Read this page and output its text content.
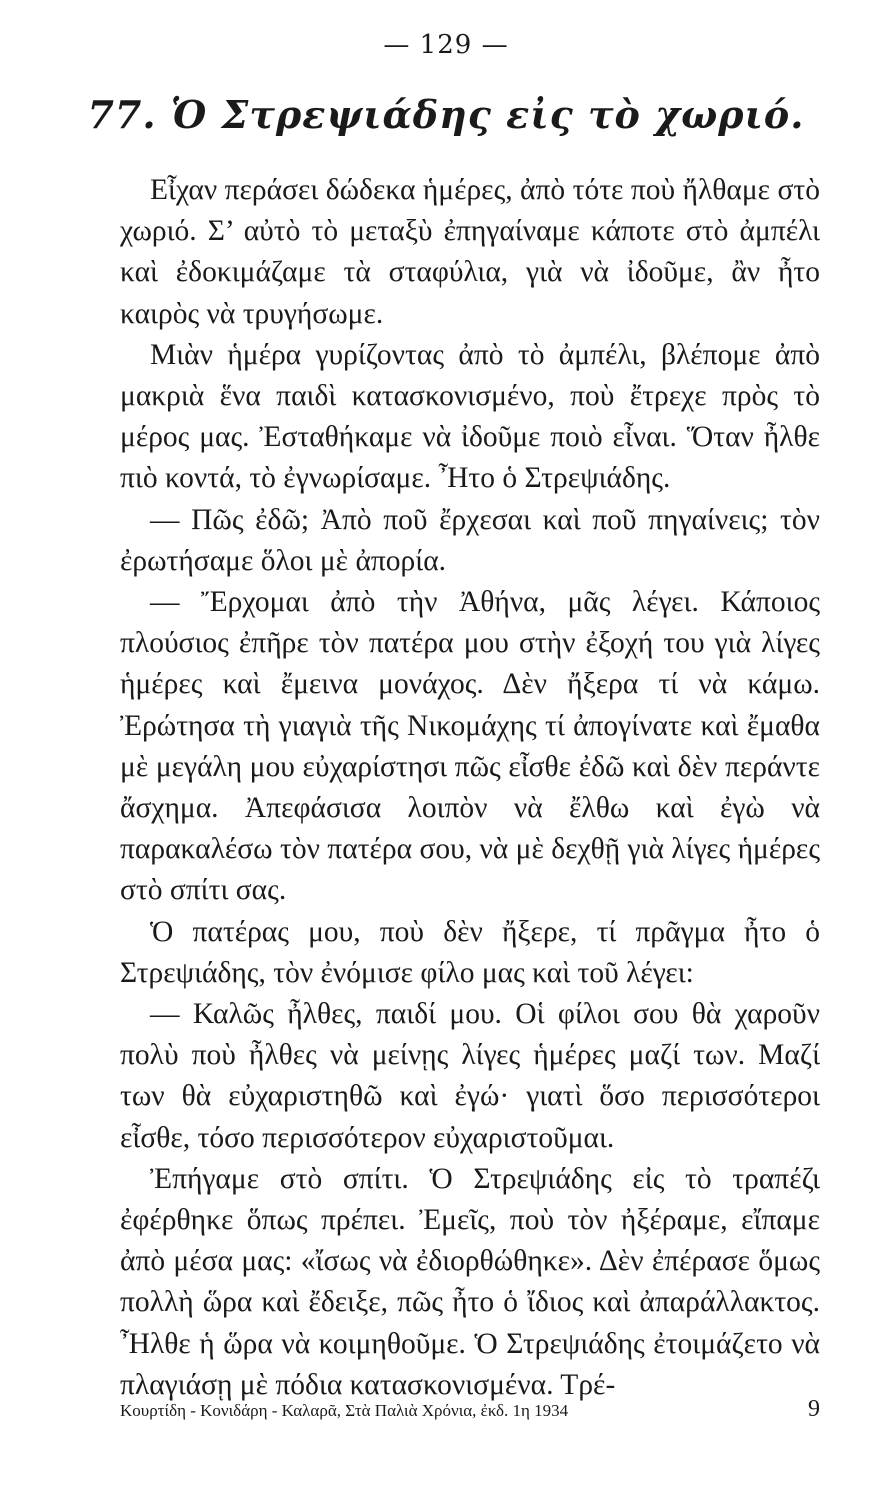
— 129 —
77. Ὁ Στρεψιάδης εἰς τὸ χωριό.

Εἶχαν περάσει δώδεκα ἡμέρες, ἀπὸ τότε ποὺ ἤλθαμε στὸ χωριό. Σ’ αὐτὸ τὸ μεταξὺ ἐπηγαίναμε κάποτε στὸ ἀμπέλι καὶ ἐδοκιμάζαμε τὰ σταφύλια, γιὰ νὰ ἰδοῦμε, ἂν ἦτο καιρὸς νὰ τρυγήσωμε.

Μιὰν ἡμέρα γυρίζοντας ἀπὸ τὸ ἀμπέλι, βλέπομε ἀπὸ μακριὰ ἕνα παιδὶ κατασκονισμένο, ποὺ ἔτρεχε πρὸς τὸ μέρος μας. Ἐσταθήκαμε νὰ ἰδοῦμε ποιὸ εἶναι. Ὅταν ἦλθε πιὸ κοντά, τὸ ἐγνωρίσαμε. Ἦτο ὁ Στρεψιάδης.

— Πῶς ἐδῶ; Ἀπὸ ποῦ ἔρχεσαι καὶ ποῦ πηγαίνεις; τὸν ἐρωτήσαμε ὅλοι μὲ ἀπορία.

— Ἔρχομαι ἀπὸ τὴν Ἀθήνα, μᾶς λέγει. Κάποιος πλούσιος ἐπῆρε τὸν πατέρα μου στὴν ἐξοχή του γιὰ λίγες ἡμέρες καὶ ἔμεινα μονάχος. Δὲν ἤξερα τί νὰ κάμω. Ἐρώτησα τὴ γιαγιὰ τῆς Νικομάχης τί ἀπογίνατε καὶ ἔμαθα μὲ μεγάλη μου εὐχαρίστησι πῶς εἶσθε ἐδῶ καὶ δὲν περάντε ἄσχημα. Ἀπεφάσισα λοιπὸν νὰ ἔλθω καὶ ἐγὼ νὰ παρακαλέσω τὸν πατέρα σου, νὰ μὲ δεχθῇ γιὰ λίγες ἡμέρες στὸ σπίτι σας.

Ὁ πατέρας μου, ποὺ δὲν ἤξερε, τί πρᾶγμα ἦτο ὁ Στρεψιάδης, τὸν ἐνόμισε φίλο μας καὶ τοῦ λέγει:

— Καλῶς ἦλθες, παιδί μου. Οἱ φίλοι σου θὰ χαροῦν πολὺ ποὺ ἦλθες νὰ μείνῃς λίγες ἡμέρες μαζί των. Μαζί των θὰ εὐχαριστηθῶ καὶ ἐγώ· γιατὶ ὅσο περισσότεροι εἶσθε, τόσο περισσότερον εὐχαριστοῦμαι.

Ἐπήγαμε στὸ σπίτι. Ὁ Στρεψιάδης εἰς τὸ τραπέζι ἐφέρθηκε ὅπως πρέπει. Ἐμεῖς, ποὺ τὸν ἠξέραμε, εἴπαμε ἀπὸ μέσα μας: «ἴσως νὰ ἐδιορθώθηκε». Δὲν ἐπέρασε ὅμως πολλὴ ὥρα καὶ ἔδειξε, πῶς ἦτο ὁ ἴδιος καὶ ἀπαράλλακτος. Ἦλθε ἡ ὥρα νὰ κοιμηθοῦμε. Ὁ Στρεψιάδης ἐτοιμάζετο νὰ πλαγιάσῃ μὲ πόδια κατασκονισμένα. Τρέ-

Κουρτίδη - Κονιδάρη - Καλαρᾶ, Στὰ Παλιὰ Χρόνια, ἐκδ. 1η 1934	9
